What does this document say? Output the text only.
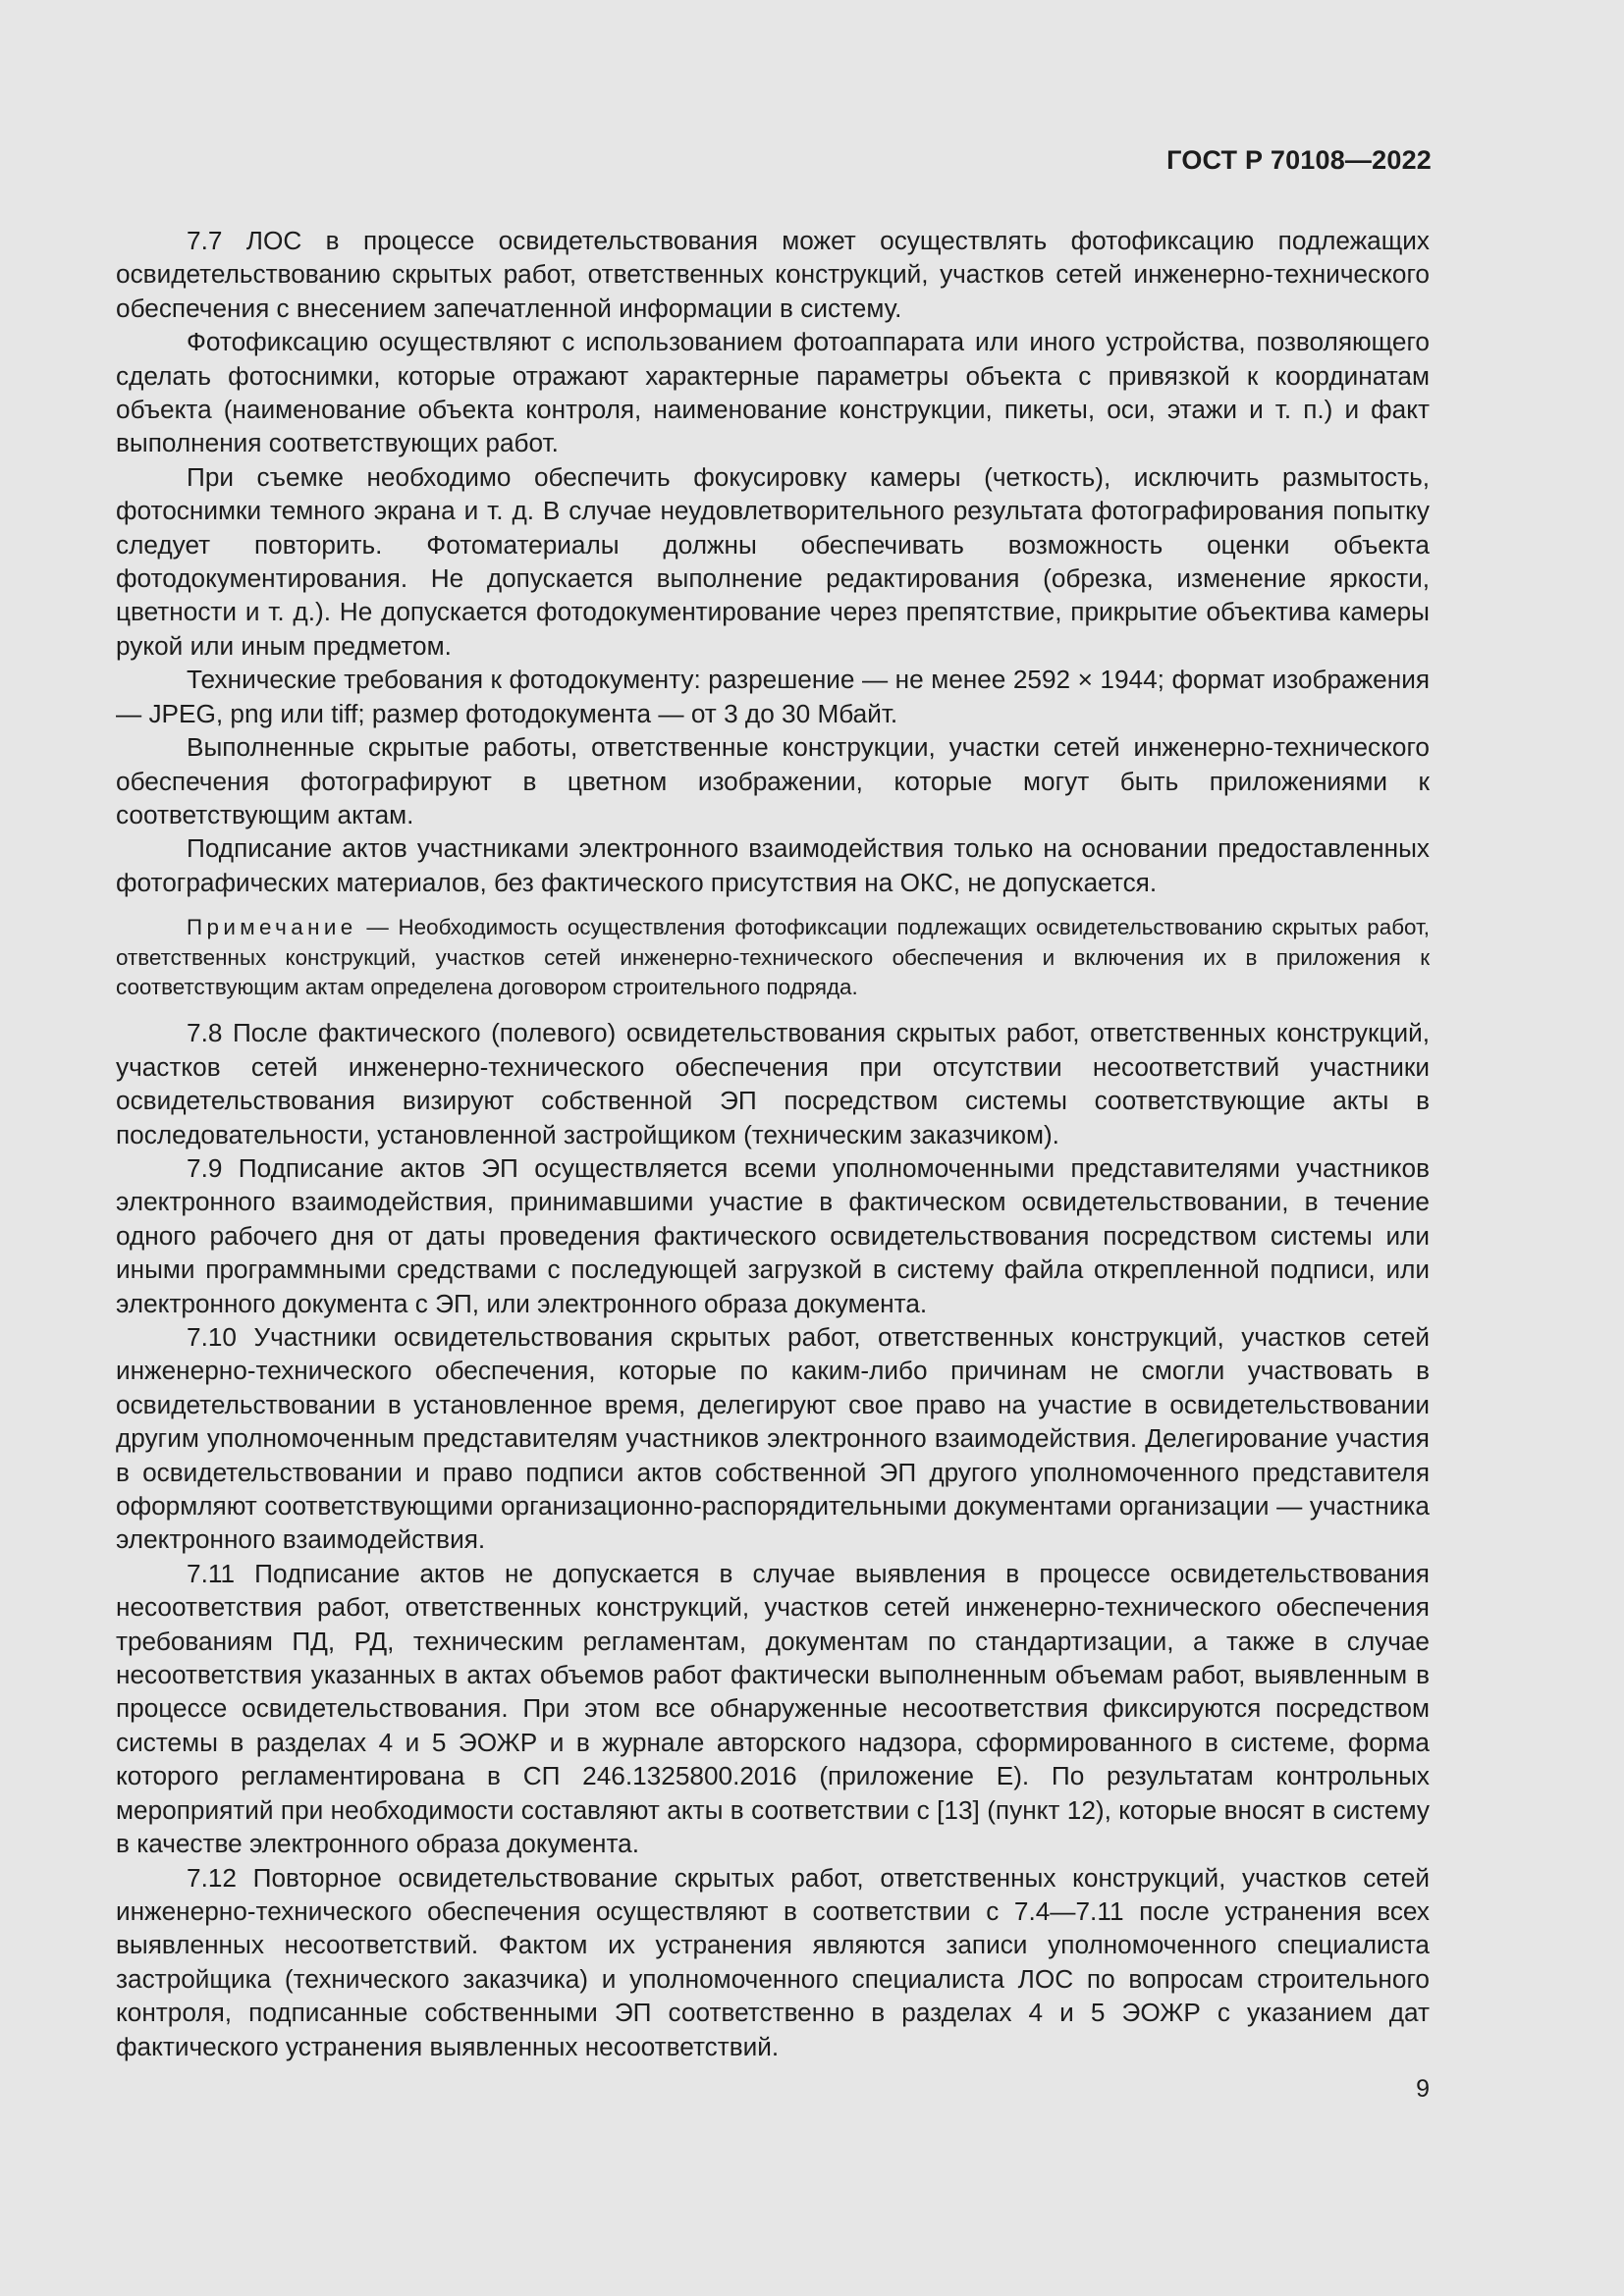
ГОСТ Р 70108—2022

7.7 ЛОС в процессе освидетельствования может осуществлять фотофиксацию подлежащих освидетельствованию скрытых работ, ответственных конструкций, участков сетей инженерно-технического обеспечения с внесением запечатленной информации в систему.

Фотофиксацию осуществляют с использованием фотоаппарата или иного устройства, позволяющего сделать фотоснимки, которые отражают характерные параметры объекта с привязкой к координатам объекта (наименование объекта контроля, наименование конструкции, пикеты, оси, этажи и т. п.) и факт выполнения соответствующих работ.

При съемке необходимо обеспечить фокусировку камеры (четкость), исключить размытость, фотоснимки темного экрана и т. д. В случае неудовлетворительного результата фотографирования попытку следует повторить. Фотоматериалы должны обеспечивать возможность оценки объекта фотодокументирования. Не допускается выполнение редактирования (обрезка, изменение яркости, цветности и т. д.). Не допускается фотодокументирование через препятствие, прикрытие объектива камеры рукой или иным предметом.

Технические требования к фотодокументу: разрешение — не менее 2592 × 1944; формат изображения — JPEG, png или tiff; размер фотодокумента — от 3 до 30 Мбайт.

Выполненные скрытые работы, ответственные конструкции, участки сетей инженерно-технического обеспечения фотографируют в цветном изображении, которые могут быть приложениями к соответствующим актам.

Подписание актов участниками электронного взаимодействия только на основании предоставленных фотографических материалов, без фактического присутствия на ОКС, не допускается.

Примечание — Необходимость осуществления фотофиксации подлежащих освидетельствованию скрытых работ, ответственных конструкций, участков сетей инженерно-технического обеспечения и включения их в приложения к соответствующим актам определена договором строительного подряда.

7.8 После фактического (полевого) освидетельствования скрытых работ, ответственных конструкций, участков сетей инженерно-технического обеспечения при отсутствии несоответствий участники освидетельствования визируют собственной ЭП посредством системы соответствующие акты в последовательности, установленной застройщиком (техническим заказчиком).

7.9 Подписание актов ЭП осуществляется всеми уполномоченными представителями участников электронного взаимодействия, принимавшими участие в фактическом освидетельствовании, в течение одного рабочего дня от даты проведения фактического освидетельствования посредством системы или иными программными средствами с последующей загрузкой в систему файла открепленной подписи, или электронного документа с ЭП, или электронного образа документа.

7.10 Участники освидетельствования скрытых работ, ответственных конструкций, участков сетей инженерно-технического обеспечения, которые по каким-либо причинам не смогли участвовать в освидетельствовании в установленное время, делегируют свое право на участие в освидетельствовании другим уполномоченным представителям участников электронного взаимодействия. Делегирование участия в освидетельствовании и право подписи актов собственной ЭП другого уполномоченного представителя оформляют соответствующими организационно-распорядительными документами организации — участника электронного взаимодействия.

7.11 Подписание актов не допускается в случае выявления в процессе освидетельствования несоответствия работ, ответственных конструкций, участков сетей инженерно-технического обеспечения требованиям ПД, РД, техническим регламентам, документам по стандартизации, а также в случае несоответствия указанных в актах объемов работ фактически выполненным объемам работ, выявленным в процессе освидетельствования. При этом все обнаруженные несоответствия фиксируются посредством системы в разделах 4 и 5 ЭОЖР и в журнале авторского надзора, сформированного в системе, форма которого регламентирована в СП 246.1325800.2016 (приложение Е). По результатам контрольных мероприятий при необходимости составляют акты в соответствии с [13] (пункт 12), которые вносят в систему в качестве электронного образа документа.

7.12 Повторное освидетельствование скрытых работ, ответственных конструкций, участков сетей инженерно-технического обеспечения осуществляют в соответствии с 7.4—7.11 после устранения всех выявленных несоответствий. Фактом их устранения являются записи уполномоченного специалиста застройщика (технического заказчика) и уполномоченного специалиста ЛОС по вопросам строительного контроля, подписанные собственными ЭП соответственно в разделах 4 и 5 ЭОЖР с указанием дат фактического устранения выявленных несоответствий.

9
